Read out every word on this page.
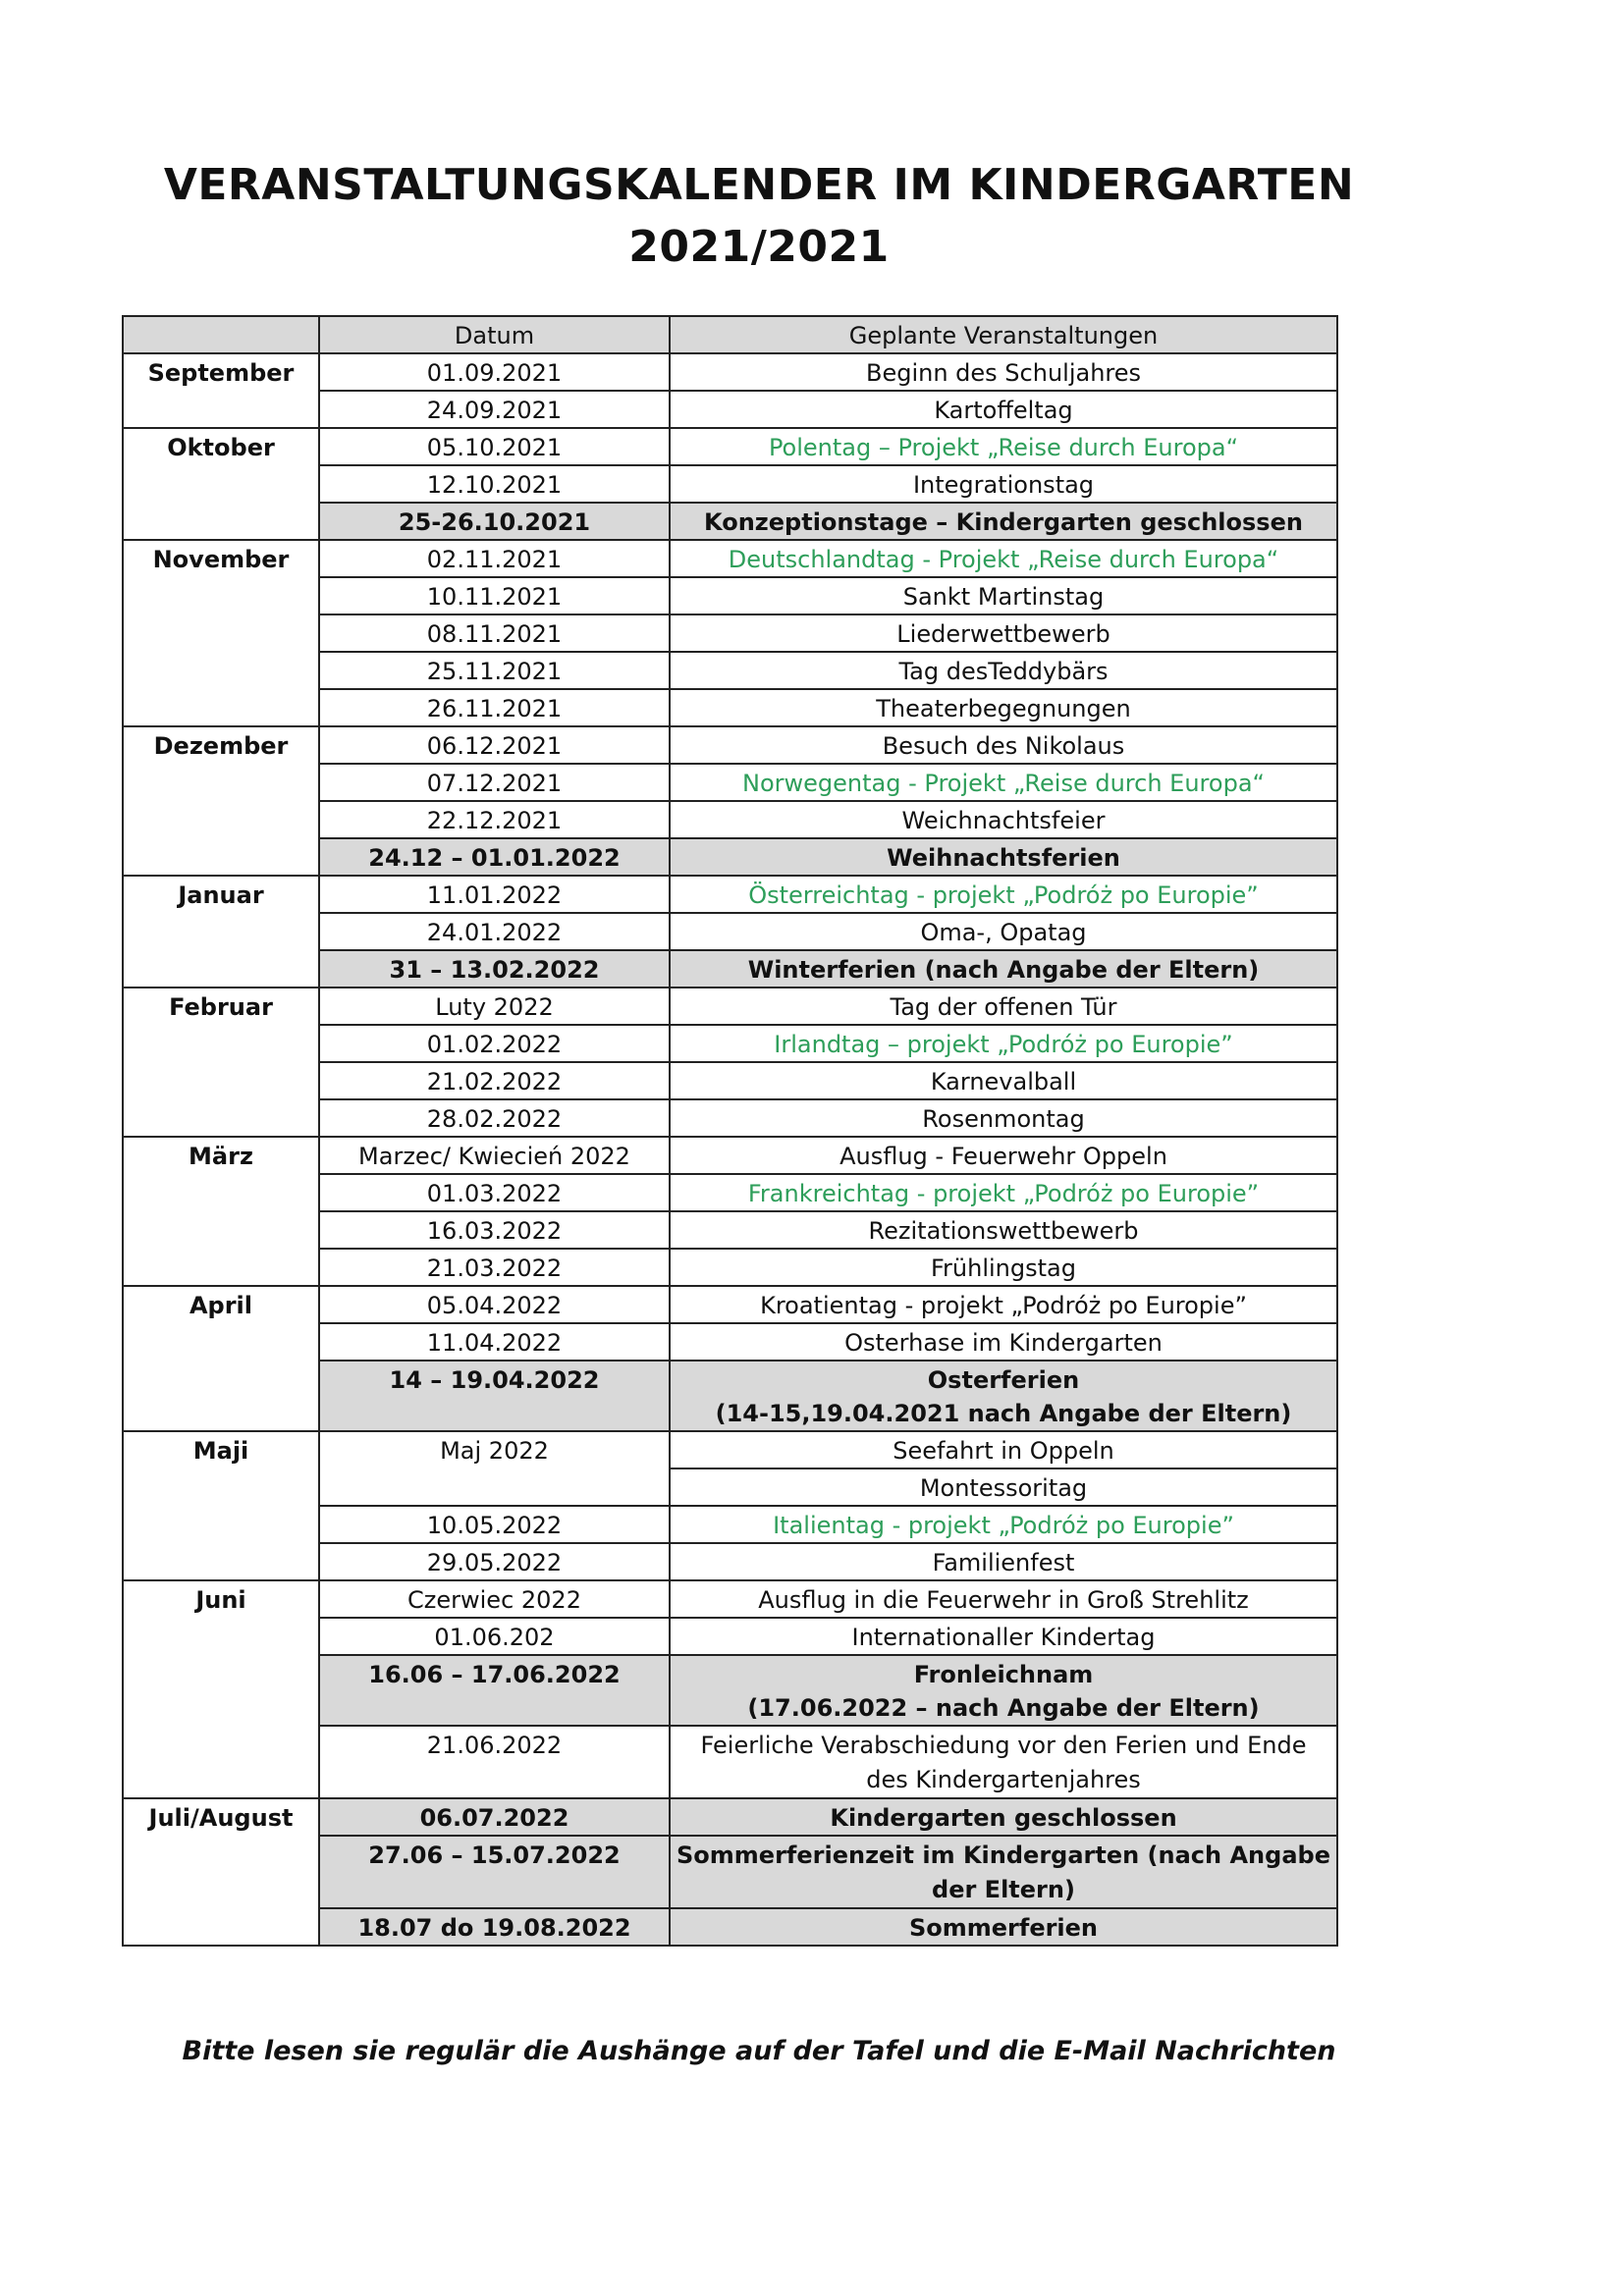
VERANSTALTUNGSKALENDER IM KINDERGARTEN
2021/2021
	Datum	Geplante Veranstaltungen
September	01.09.2021	Beginn des Schuljahres
	24.09.2021	Kartoffeltag
Oktober	05.10.2021	Polentag – Projekt „Reise durch Europa“
	12.10.2021	Integrationstag
	25-26.10.2021	Konzeptionstage – Kindergarten geschlossen
November	02.11.2021	Deutschlandtag - Projekt „Reise durch Europa“
	10.11.2021	Sankt Martinstag
	08.11.2021	Liederwettbewerb
	25.11.2021	Tag desTeddybärs
	26.11.2021	Theaterbegegnungen
Dezember	06.12.2021	Besuch des Nikolaus
	07.12.2021	Norwegentag - Projekt „Reise durch Europa“
	22.12.2021	Weichnachtsfeier
	24.12 – 01.01.2022	Weihnachtsferien
Januar	11.01.2022	Österreichtag - projekt „Podróż po Europie”
	24.01.2022	Oma-, Opatag
	31 – 13.02.2022	Winterferien (nach Angabe der Eltern)
Februar	Luty 2022	Tag der offenen Tür
	01.02.2022	Irlandtag – projekt „Podróż po Europie”
	21.02.2022	Karnevalball
	28.02.2022	Rosenmontag
März	Marzec/ Kwiecień 2022	Ausflug - Feuerwehr Oppeln
	01.03.2022	Frankreichtag - projekt „Podróż po Europie”
	16.03.2022	Rezitationswettbewerb
	21.03.2022	Frühlingstag
April	05.04.2022	Kroatientag - projekt „Podróż po Europie”
	11.04.2022	Osterhase im Kindergarten
	14 – 19.04.2022	Osterferien
(14-15,19.04.2021 nach Angabe der Eltern)

Maji	Maj 2022	Seefahrt in Oppeln
		Montessoritag
	10.05.2022	Italientag - projekt „Podróż po Europie”
	29.05.2022	Familienfest
Juni	Czerwiec 2022	Ausflug in die Feuerwehr in Groß Strehlitz
	01.06.202	Internationaller Kindertag
	16.06 – 17.06.2022	Fronleichnam
(17.06.2022 – nach Angabe der Eltern)

	21.06.2022	Feierliche Verabschiedung vor den Ferien und Ende des Kindergartenjahres
Juli/August	06.07.2022	Kindergarten geschlossen
	27.06 – 15.07.2022	Sommerferienzeit im Kindergarten (nach Angabe der Eltern)
	18.07 do 19.08.2022	Sommerferien
Bitte lesen sie regulär die Aushänge auf der Tafel und die E-Mail Nachrichten
